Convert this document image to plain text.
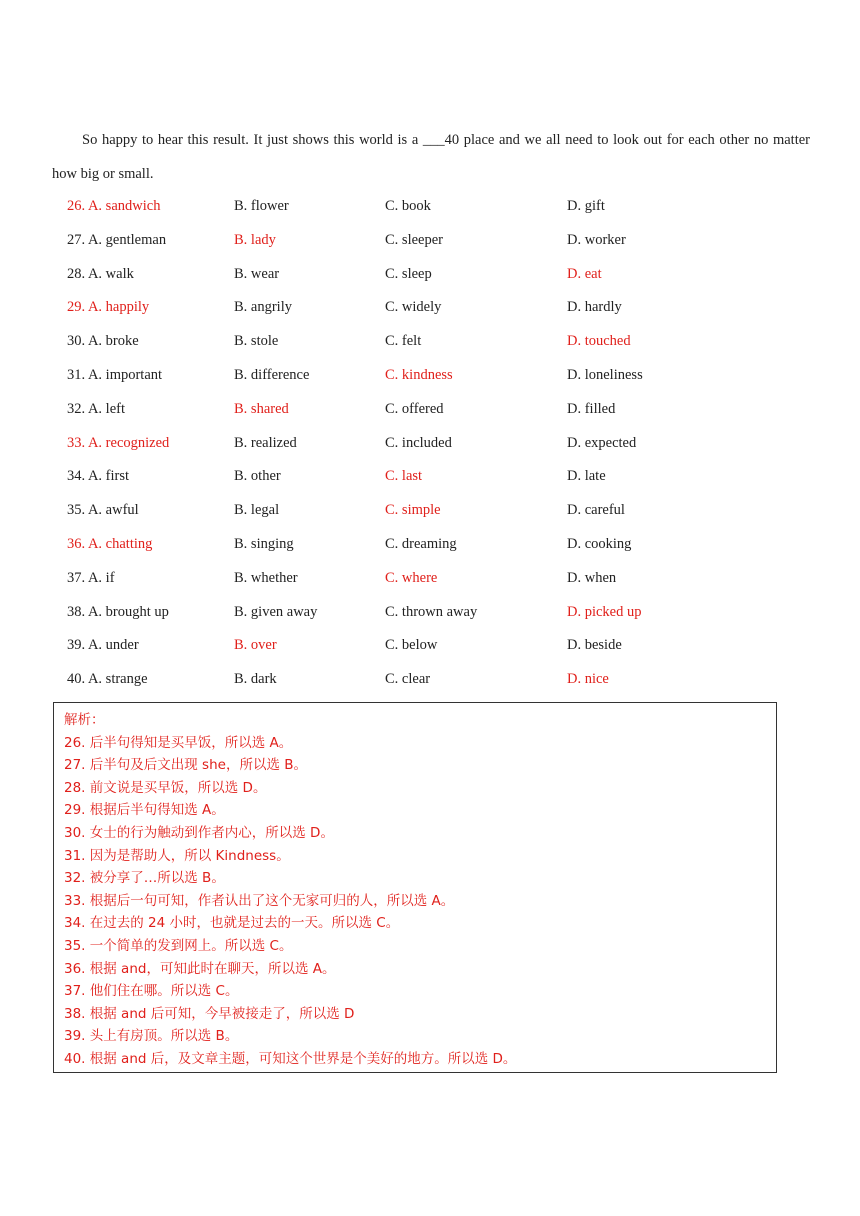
So happy to hear this result. It just shows this world is a ___40 place and we all need to look out for each other no matter how big or small.

26. A. sandwich	B. flower	C. book	D. gift
27. A. gentleman	B. lady	C. sleeper	D. worker
28. A. walk	B. wear	C. sleep	D. eat
29. A. happily	B. angrily	C. widely	D. hardly
30. A. broke	B. stole	C. felt	D. touched
31. A. important	B. difference	C. kindness	D. loneliness
32. A. left	B. shared	C. offered	D. filled
33. A. recognized	B. realized	C. included	D. expected
34. A. first	B. other	C. last	D. late
35. A. awful	B. legal	C. simple	D. careful
36. A. chatting	B. singing	C. dreaming	D. cooking
37. A. if	B. whether	C. where	D. when
38. A. brought up	B. given away	C. thrown away	D. picked up
39. A. under	B. over	C. below	D. beside
40. A. strange	B. dark	C. clear	D. nice
解析：
26. 后半句得知是买早饭，所以选 A。
27. 后半句及后文出现 she，所以选 B。
28. 前文说是买早饭，所以选 D。
29. 根据后半句得知选 A。
30. 女士的行为触动到作者内心，所以选 D。
31. 因为是帮助人，所以 Kindness。
32. 被分享了…所以选 B。
33. 根据后一句可知，作者认出了这个无家可归的人，所以选 A。
34. 在过去的 24 小时，也就是过去的一天。所以选 C。
35. 一个简单的发到网上。所以选 C。
36. 根据 and，可知此时在聊天，所以选 A。
37. 他们住在哪。所以选 C。
38. 根据 and 后可知，今早被接走了，所以选 D
39. 头上有房顶。所以选 B。
40. 根据 and 后，及文章主题，可知这个世界是个美好的地方。所以选 D。
